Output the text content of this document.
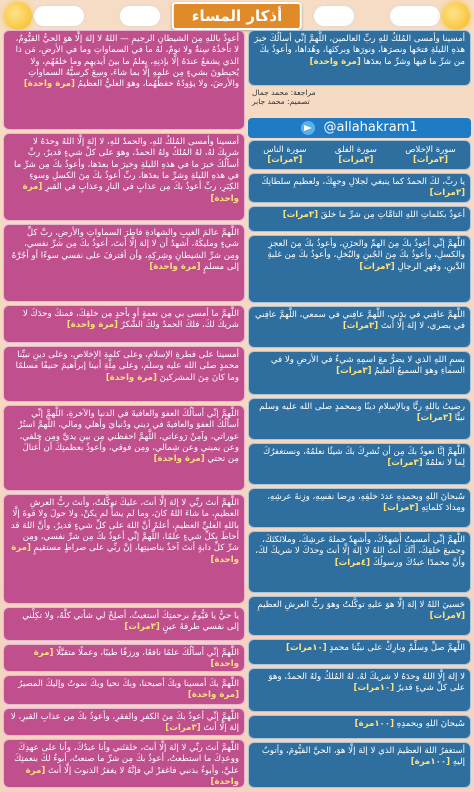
أذكار المساء
أمسينا وأمسى المُلكُ للهِ ربِّ العالمين، اللَّهمَّ إنِّي أسألُكَ خيرَ هذهِ الليلةِ فتحَها ونصرَها، ونورَها وبركتَها، وهُداها، وأعوذُ بكَ من شرِّ ما فيها وشرِّ ما بعدَها [مرة واحدة]
مراجعة: محمد جمال
تصميم: محمد جابر
@allahakram1
سورة الإخلاص
[٣مرات]
سورة الفلق
[٣مرات]
سورة الناس
[٣مرات]
يا ربِّ، لكَ الحمدُ كما ينبغي لجلالِ وجهِكَ، ولعظيمِ سلطانِكَ [٣مرات]
أعوذُ بكلماتِ اللهِ التامَّاتِ مِن شرِّ ما خلقَ [٣مرات]
اللَّهمَّ إنِّي أعوذُ بكَ مِنَ الهمِّ والحزَنِ، وأعوذُ بكَ مِنَ العجزِ والكسلِ، وأعوذُ بكَ مِنَ الجُبنِ والبُخلِ، وأعوذُ بكَ مِن غلبةِ الدَّينِ، وقهرِ الرجالِ [٣مرات]
اللَّهمَّ عافِني في بدَني، اللَّهمَّ عافِني في سمعي، اللَّهمَّ عافِني في بصري، لا إلهَ إلَّا أنتَ [٣مرات]
بسمِ اللهِ الذي لا يضرُّ معَ اسمِهِ شيءٌ في الأرضِ ولا في السماءِ وهوَ السميعُ العليمُ [٣مرات]
رضيتُ باللهِ ربًّا وبالإسلامِ دينًا وبمحمدٍ صلى الله عليه وسلم نبيًّا [٣مرات]
اللَّهمَّ إنَّا نعوذُ بكَ مِن أن نُشرِكَ بكَ شيئًا نعلمُهُ، ونستغفرُكَ لِما لا نعلمُهُ [٣مرات]
سُبحانَ اللهِ وبحمدِهِ عددَ خلقِهِ، ورِضا نفسِهِ، وزِنةَ عرشِهِ، ومِدادَ كلماتِهِ [٣مرات]
اللَّهمَّ إنِّي أمسيتُ أُشهِدُكَ، وأُشهِدُ حملةَ عرشِكَ، وملائكتَكَ، وجميعَ خلقِكَ، أنَّكَ أنتَ اللهُ لا إلهَ إلَّا أنتَ وحدَكَ لا شريكَ لكَ، وأنَّ محمدًا عبدُكَ ورسولُكَ [٤مرات]
حَسبيَ اللهُ لا إلهَ إلَّا هوَ عليهِ توكَّلتُ وهوَ ربُّ العرشِ العظيمِ [٧مرات]
اللَّهمَّ صلِّ وسلِّمْ وبارِكْ على نبيِّنا محمدٍ [١٠مرات]
لا إلهَ إلَّا اللهُ وحدَهُ لا شريكَ لهُ، لهُ المُلكُ ولهُ الحمدُ، وهوَ على كلِّ شيءٍ قديرٌ [١٠مرات]
سُبحانَ اللهِ وبحمدِهِ [١٠٠مرة]
أستغفرُ اللهَ العظيمَ الذي لا إلهَ إلَّا هوَ، الحيَّ القيُّومَ، وأتوبُ إليهِ [١٠٠مرة]
أعوذُ باللهِ مِنَ الشيطانِ الرجيمِ — اللهُ لا إلهَ إلَّا هوَ الحيُّ القيُّومُ، لا تأخذُهُ سِنةٌ ولا نومٌ، لهُ ما في السماواتِ وما في الأرضِ، مَن ذا الذي يشفعُ عندَهُ إلَّا بإذنِهِ، يعلمُ ما بينَ أيديهِم وما خلفَهُم، ولا يُحيطونَ بشيءٍ مِن علمِهِ إلَّا بما شاءَ، وسِعَ كرسيُّهُ السماواتِ والأرضَ، ولا يؤودُهُ حفظُهُما، وهوَ العليُّ العظيمُ [مرة واحدة]
أمسينا وأمسى المُلكُ للهِ، والحمدُ للهِ، لا إلهَ إلَّا اللهُ وحدَهُ لا شريكَ لهُ، لهُ المُلكُ ولهُ الحمدُ، وهوَ على كلِّ شيءٍ قديرٌ، ربِّ أسألُكَ خيرَ ما في هذهِ الليلةِ وخيرَ ما بعدَها، وأعوذُ بكَ مِن شرِّ ما في هذهِ الليلةِ وشرِّ ما بعدَها، ربِّ أعوذُ بكَ مِنَ الكسلِ وسوءِ الكِبَرِ، ربِّ أعوذُ بكَ مِن عذابٍ في النارِ وعذابٍ في القبرِ [مرة واحدة]
اللَّهمَّ عالمَ الغيبِ والشهادةِ فاطرَ السماواتِ والأرضِ، ربَّ كلِّ شيءٍ ومليكَهُ، أشهدُ أن لا إلهَ إلَّا أنتَ، أعوذُ بكَ مِن شرِّ نفسي، ومِن شرِّ الشيطانِ وشِركِهِ، وأن أقترفَ على نفسي سوءًا أو أجُرَّهُ إلى مسلمٍ [مرة واحدة]
اللَّهمَّ ما أمسى بي مِن نعمةٍ أو بأحدٍ مِن خلقِكَ، فمنكَ وحدَكَ لا شريكَ لكَ، فلكَ الحمدُ ولكَ الشُّكرُ [مرة واحدة]
أمسينا على فطرةِ الإسلامِ، وعلى كلمةِ الإخلاصِ، وعلى دينِ نبيِّنا محمدٍ صلى الله عليه وسلم، وعلى مِلَّةِ أبينا إبراهيمَ حنيفًا مسلمًا وما كانَ مِنَ المشركينَ [مرة واحدة]
اللَّهمَّ إنِّي أسألُكَ العفوَ والعافيةَ في الدنيا والآخرةِ، اللَّهمَّ إنِّي أسألُكَ العفوَ والعافيةَ في ديني ودُنيايَ وأهلي ومالي، اللَّهمَّ استُرْ عوراتي، وآمِنْ رَوعاتي، اللَّهمَّ احفظني مِن بينِ يديَّ ومِن خلفي، وعن يميني وعن شِمالي، ومِن فوقي، وأعوذُ بعظمتِكَ أن أُغتالَ مِن تحتي [مرة واحدة]
اللَّهمَّ أنتَ ربِّي لا إلهَ إلَّا أنتَ، عليكَ توكَّلتُ، وأنتَ ربُّ العرشِ العظيمِ، ما شاءَ اللهُ كانَ، وما لم يشأْ لم يكنْ، ولا حولَ ولا قوةَ إلَّا باللهِ العليِّ العظيمِ، أعلمُ أنَّ اللهَ على كلِّ شيءٍ قديرٌ، وأنَّ اللهَ قد أحاطَ بكلِّ شيءٍ علمًا، اللَّهمَّ إنِّي أعوذُ بكَ مِن شرِّ نفسي، ومِن شرِّ كلِّ دابةٍ أنتَ آخذٌ بناصيتِها، إنَّ ربِّي على صراطٍ مستقيمٍ [مرة واحدة]
يا حيُّ يا قيُّومُ برحمتِكَ أستغيثُ، أصلِحْ لي شأني كلَّهُ، ولا تكِلْني إلى نفسي طرفةَ عينٍ [٣مرات]
اللَّهمَّ إنِّي أسألُكَ علمًا نافعًا، ورزقًا طيبًا، وعملًا متقبَّلًا [مرة واحدة]
اللَّهمَّ بكَ أمسينا وبكَ أصبحنا، وبكَ نحيا وبكَ نموتُ وإليكَ المصيرُ [مرة واحدة]
اللَّهمَّ إنِّي أعوذُ بكَ مِنَ الكفرِ والفقرِ، وأعوذُ بكَ مِن عذابِ القبرِ، لا إلهَ إلَّا أنتَ [٣مرات]
اللَّهمَّ أنتَ ربِّي لا إلهَ إلَّا أنتَ، خلقتَني وأنا عبدُكَ، وأنا على عهدِكَ ووعدِكَ ما استطعتُ، أعوذُ بكَ مِن شرِّ ما صنعتُ، أبوءُ لكَ بنعمتِكَ عليَّ، وأبوءُ بذنبي فاغفرْ لي فإنَّهُ لا يغفرُ الذنوبَ إلَّا أنتَ [مرة واحدة]
